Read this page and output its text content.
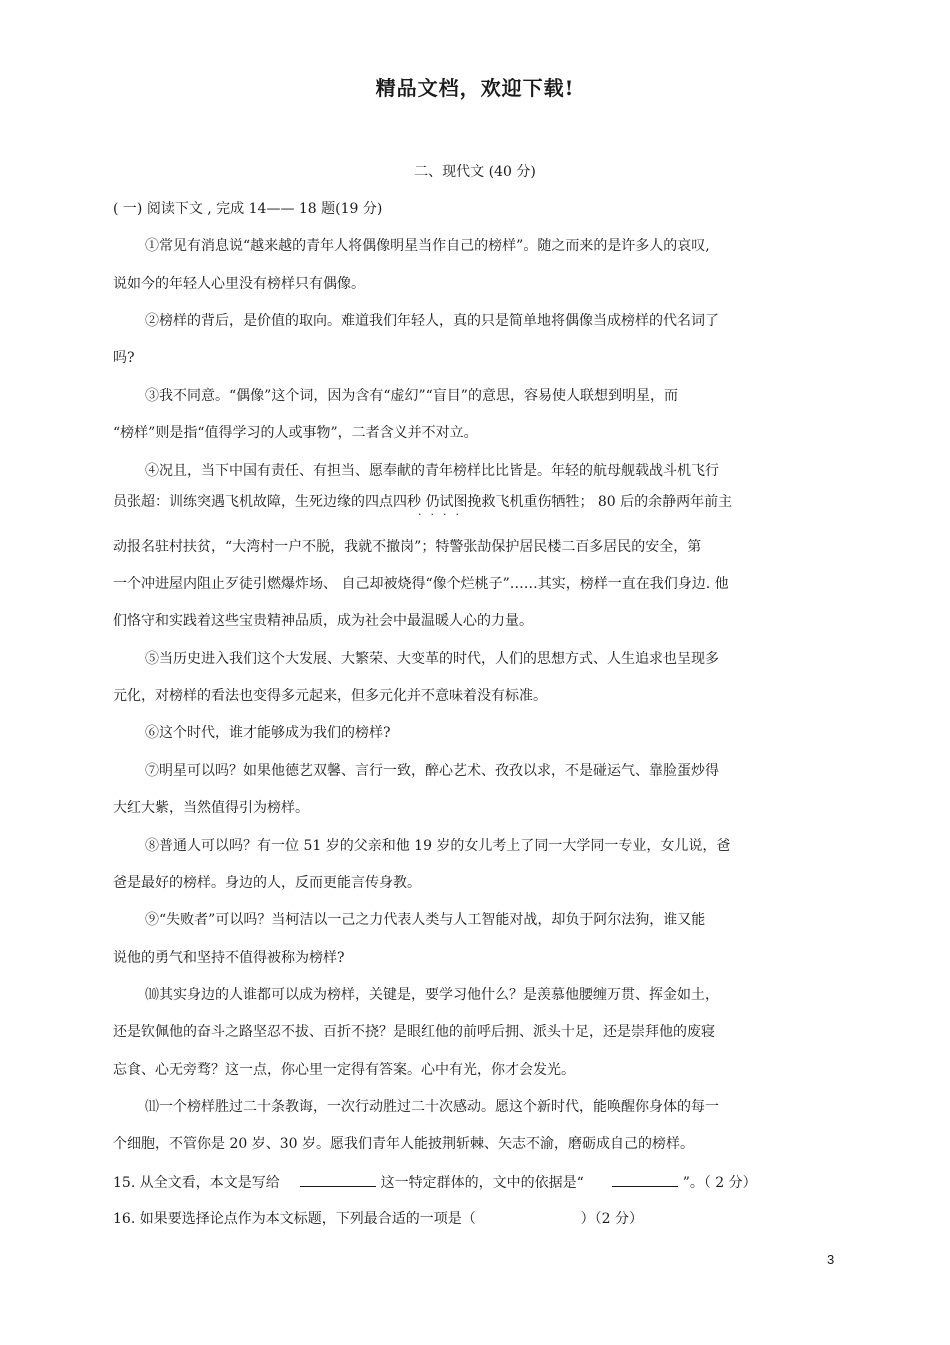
精品文档，欢迎下载!
二、现代文 (40 分)
( 一) 阅读下文 , 完成 14—— 18 题(19 分)
①常见有消息说“越来越的青年人将偶像明星当作自己的榜样”。随之而来的是许多人的哀叹,
说如今的年轻人心里没有榜样只有偶像。
②榜样的背后，是价值的取向。难道我们年轻人，真的只是简单地将偶像当成榜样的代名词了
吗?
③我不同意。“偶像”这个词，因为含有“虚幻”“盲目”的意思，容易使人联想到明星，而
“榜样”则是指“值得学习的人或事物”，二者含义并不对立。
④况且，当下中国有责任、有担当、愿奉献的青年榜样比比皆是。年轻的航母舰载战斗机飞行
员张超：训练突遇飞机故障，生死边缘的四点四秒 仍试图挽救飞机重伤牺牲； 80 后的余静两年前主
····
动报名驻村扶贫，“大湾村一户不脱，我就不撤岗”；特警张劼保护居民楼二百多居民的安全，第
一个冲进屋内阻止歹徒引燃爆炸场、 自己却被烧得“像个烂桃子”……其实，榜样一直在我们身边. 他
们恪守和实践着这些宝贵精神品质，成为社会中最温暖人心的力量。
⑤当历史进入我们这个大发展、大繁荣、大变革的时代，人们的思想方式、人生追求也呈现多
元化，对榜样的看法也变得多元起来，但多元化并不意味着没有标准。
⑥这个时代，谁才能够成为我们的榜样?
⑦明星可以吗？如果他德艺双馨、言行一致，醉心艺术、孜孜以求，不是碰运气、靠脸蛋炒得
大红大紫，当然值得引为榜样。
⑧普通人可以吗？有一位 51 岁的父亲和他 19 岁的女儿考上了同一大学同一专业，女儿说，爸
爸是最好的榜样。身边的人，反而更能言传身教。
⑨“失败者”可以吗？当柯洁以一己之力代表人类与人工智能对战，却负于阿尔法狗，谁又能
说他的勇气和坚持不值得被称为榜样?
⑽其实身边的人谁都可以成为榜样，关键是，要学习他什么？是羡慕他腰缠万贯、挥金如土，
还是钦佩他的奋斗之路坚忍不拔、百折不挠？是眼红他的前呼后拥、派头十足，还是崇拜他的废寝
忘食、心无旁骛？这一点，你心里一定得有答案。心中有光，你才会发光。
⑾一个榜样胜过二十条教诲，一次行动胜过二十次感动。愿这个新时代，能唤醒你身体的每一
个细胞，不管你是 20 岁、30 岁。愿我们青年人能披荆斩棘、矢志不渝，磨砺成自己的榜样。
15. 从全文看，本文是写给	这一特定群体的，文中的依据是“	”。（ 2 分）
16. 如果要选择论点作为本文标题，下列最合适的一项是（	）（2 分）
3
